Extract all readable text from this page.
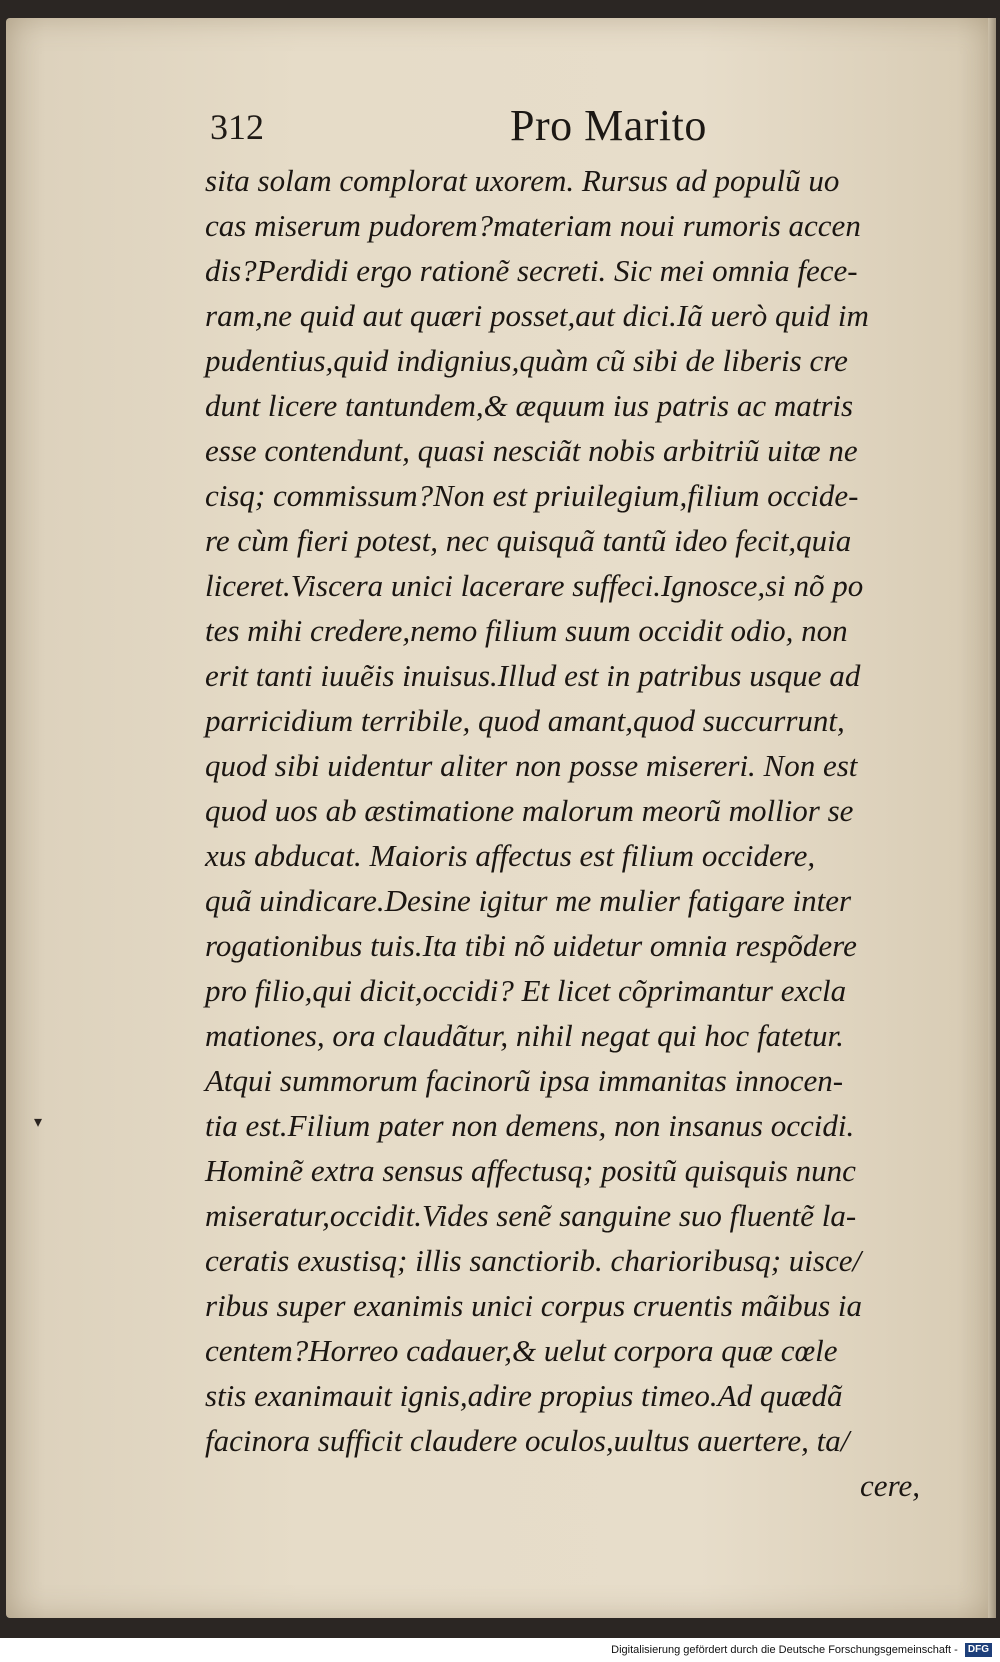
312	Pro Marito
sita solam complorat uxorem. Rursus ad populũ uo
cas miserum pudorem?materiam noui rumoris accen
dis?Perdidi ergo rationẽ secreti. Sic mei omnia fece-
ram,ne quid aut quæri posset,aut dici.Iã uerò quid im
pudentius,quid indignius,quàm cũ sibi de liberis cre
dunt licere tantundem,& æquum ius patris ac matris
esse contendunt, quasi nesciãt nobis arbitriũ uitæ ne
cisq; commissum?Non est priuilegium,filium occide-
re cùm fieri potest, nec quisquã tantũ ideo fecit,quia
liceret.Viscera unici lacerare suffeci.Ignosce,si nõ po
tes mihi credere,nemo filium suum occidit odio, non
erit tanti iuuẽis inuisus.Illud est in patribus usque ad
parricidium terribile, quod amant,quod succurrunt,
quod sibi uidentur aliter non posse misereri. Non est
quod uos ab æstimatione malorum meorũ mollior se
xus abducat. Maioris affectus est filium occidere,
quã uindicare.Desine igitur me mulier fatigare inter
rogationibus tuis.Ita tibi nõ uidetur omnia respõdere
pro filio,qui dicit,occidi? Et licet cõprimantur excla
mationes, ora claudãtur, nihil negat qui hoc fatetur.
Atqui summorum facinorũ ipsa immanitas innocen-
tia est.Filium pater non demens, non insanus occidi.
Hominẽ extra sensus affectusq; positũ quisquis nunc
miseratur,occidit.Vides senẽ sanguine suo fluentẽ la-
ceratis exustisq; illis sanctiorib. charioribusq; uisce/
ribus super exanimis unici corpus cruentis mãibus ia
centem?Horreo cadauer,& uelut corpora quæ cœle
stis exanimauit ignis,adire propius timeo.Ad quædã
facinora sufficit claudere oculos,uultus auertere, ta/
cere,
▾
Digitalisierung gefördert durch die Deutsche Forschungsgemeinschaft - DFG
